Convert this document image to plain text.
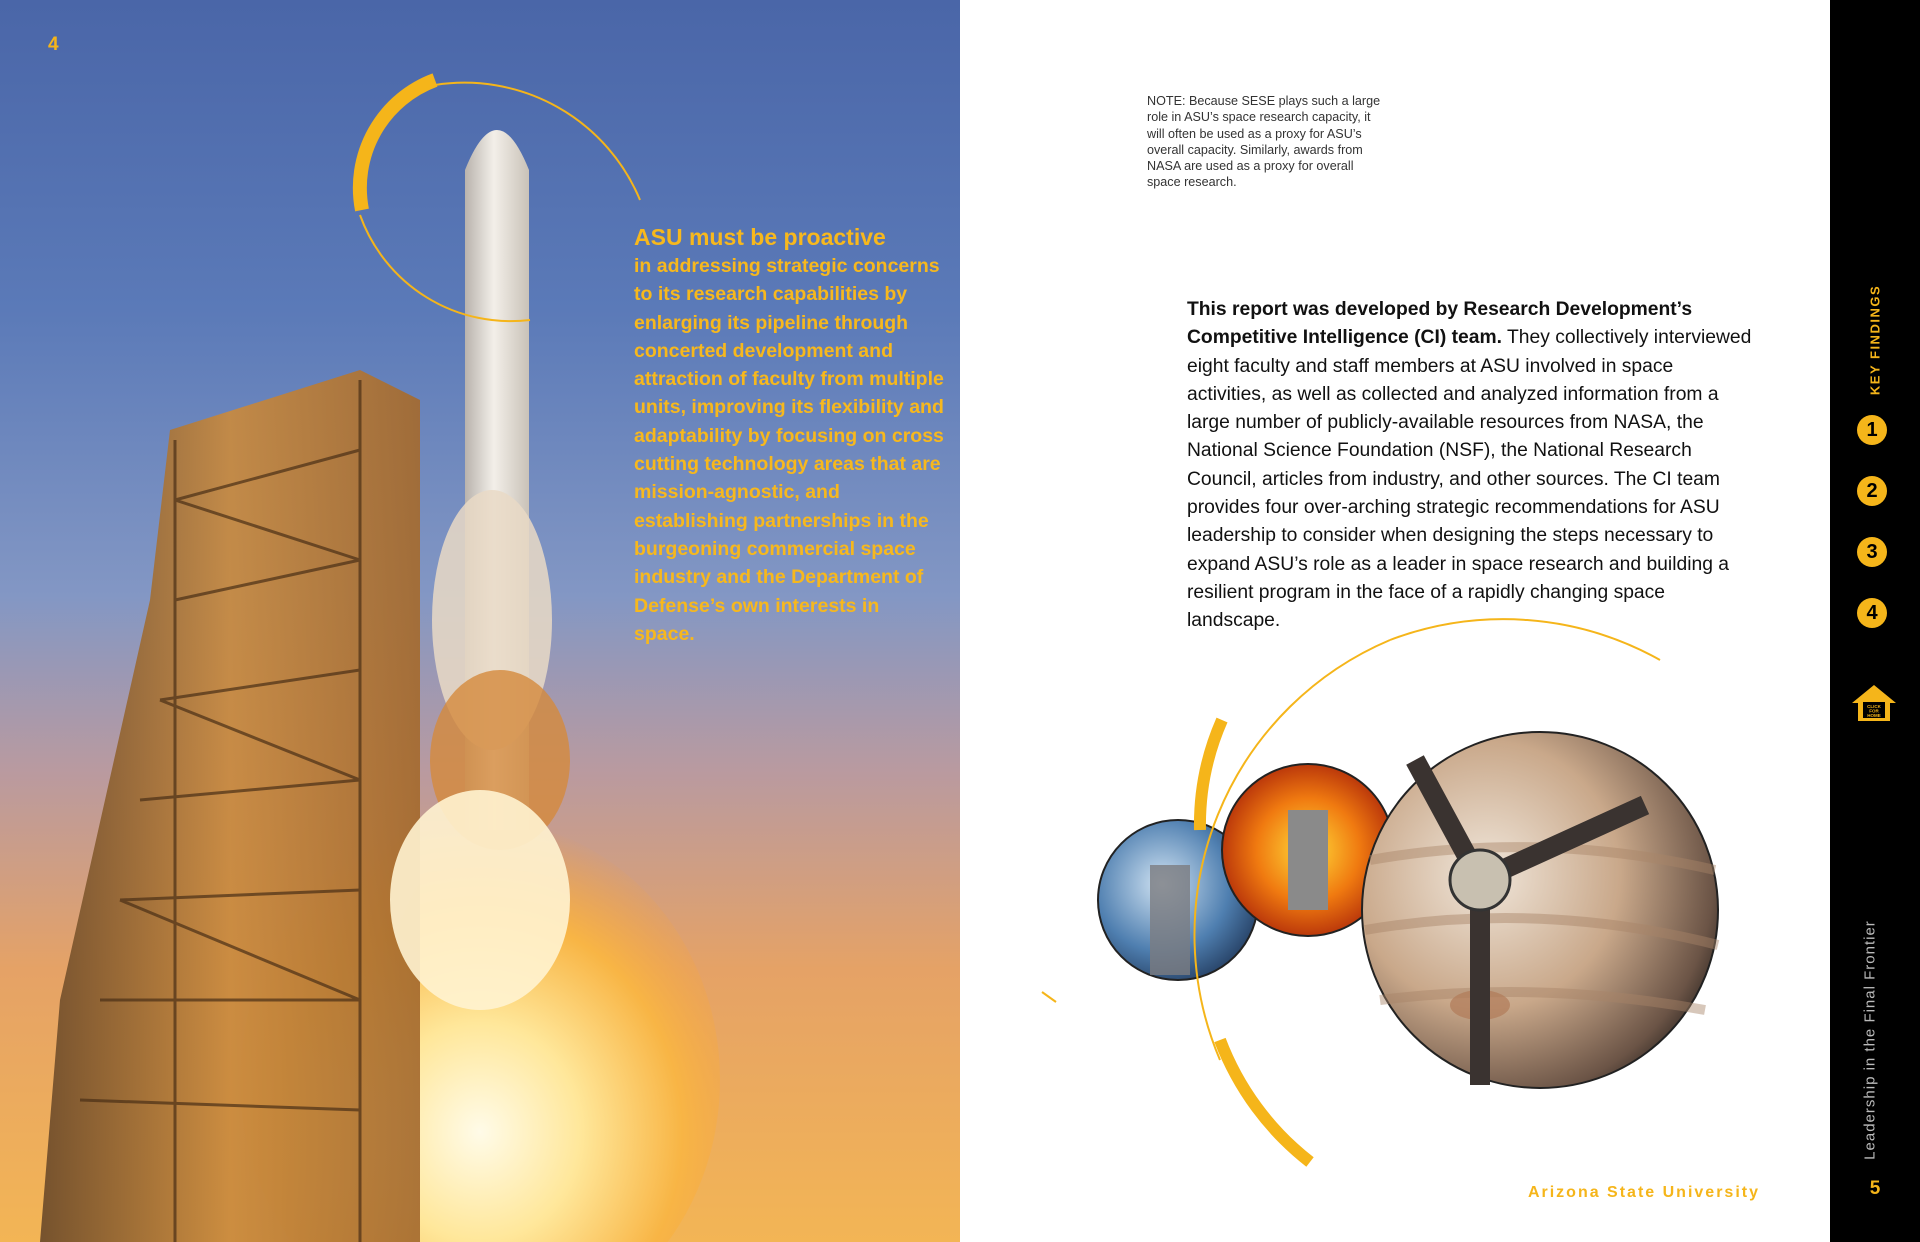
4
ASU must be proactive
in addressing strategic concerns to its research capabilities by enlarging its pipeline through concerted development and attraction of faculty from multiple units, improving its flexibility and adaptability by focusing on cross cutting technology areas that are mission-agnostic, and establishing partnerships in the burgeoning commercial space industry and the Department of Defense’s own interests in space.
NOTE: Because SESE plays such a large role in ASU’s space research capacity, it will often be used as a proxy for ASU’s overall capacity. Similarly, awards from NASA are used as a proxy for overall space research.
This report was developed by Research Development’s Competitive Intelligence (CI) team. They collectively interviewed eight faculty and staff members at ASU involved in space activities, as well as collected and analyzed information from a large number of publicly-available resources from NASA, the National Science Foundation (NSF), the National Research Council, articles from industry, and other sources. The CI team provides four over-arching strategic recommendations for ASU leadership to consider when designing the steps necessary to expand ASU’s role as a leader in space research and building a resilient program in the face of a rapidly changing space landscape.
Arizona State University
KEY FINDINGS
1
2
3
4
CLICK
FOR
HOME
Leadership in the Final Frontier
5
